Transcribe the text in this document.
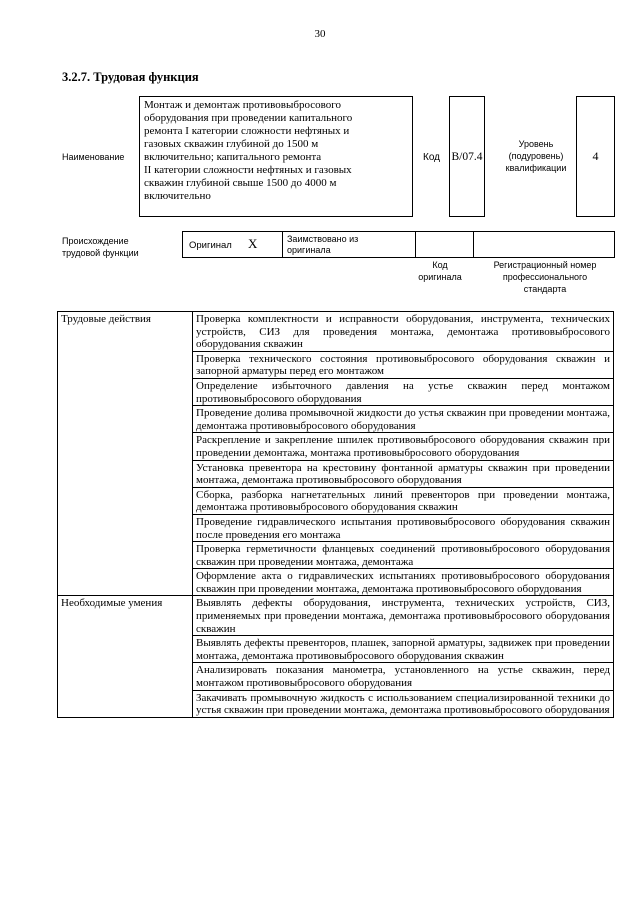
30
3.2.7. Трудовая функция
Наименование
Монтаж и демонтаж противовыбросового
оборудования при проведении капитального
ремонта I категории сложности нефтяных и
газовых скважин глубиной до 1500 м
включительно; капитального ремонта
II категории сложности нефтяных и газовых
скважин глубиной свыше 1500 до 4000 м
включительно
Код В/07.4
Уровень
(подуровень)
квалификации
4
Происхождение
трудовой функции
Оригинал X	Заимствовано из
оригинала
Код
оригинала
Регистрационный номер
профессионального
стандарта
Трудовые действия	Проверка комплектности и исправности оборудования, инструмента, технических устройств, СИЗ для проведения монтажа, демонтажа противовыбросового оборудования скважин
	Проверка технического состояния противовыбросового оборудования скважин и запорной арматуры перед его монтажом
	Определение избыточного давления на устье скважин перед монтажом противовыбросового оборудования
	Проведение долива промывочной жидкости до устья скважин при проведении монтажа, демонтажа противовыбросового оборудования
	Раскрепление и закрепление шпилек противовыбросового оборудования скважин при проведении демонтажа, монтажа противовыбросового оборудования
	Установка превентора на крестовину фонтанной арматуры скважин при проведении монтажа, демонтажа противовыбросового оборудования
	Сборка, разборка нагнетательных линий превенторов при проведении монтажа, демонтажа противовыбросового оборудования скважин
	Проведение гидравлического испытания противовыбросового оборудования скважин после проведения его монтажа
	Проверка герметичности фланцевых соединений противовыбросового оборудования скважин при проведении монтажа, демонтажа
	Оформление акта о гидравлических испытаниях противовыбросового оборудования скважин при проведении монтажа, демонтажа противовыбросового оборудования
Необходимые умения	Выявлять дефекты оборудования, инструмента, технических устройств, СИЗ, применяемых при проведении монтажа, демонтажа противовыбросового оборудования скважин
	Выявлять дефекты превенторов, плашек, запорной арматуры, задвижек при проведении монтажа, демонтажа противовыбросового оборудования скважин
	Анализировать показания манометра, установленного на устье скважин, перед монтажом противовыбросового оборудования
	Закачивать промывочную жидкость с использованием специализированной техники до устья скважин при проведении монтажа, демонтажа противовыбросового оборудования
